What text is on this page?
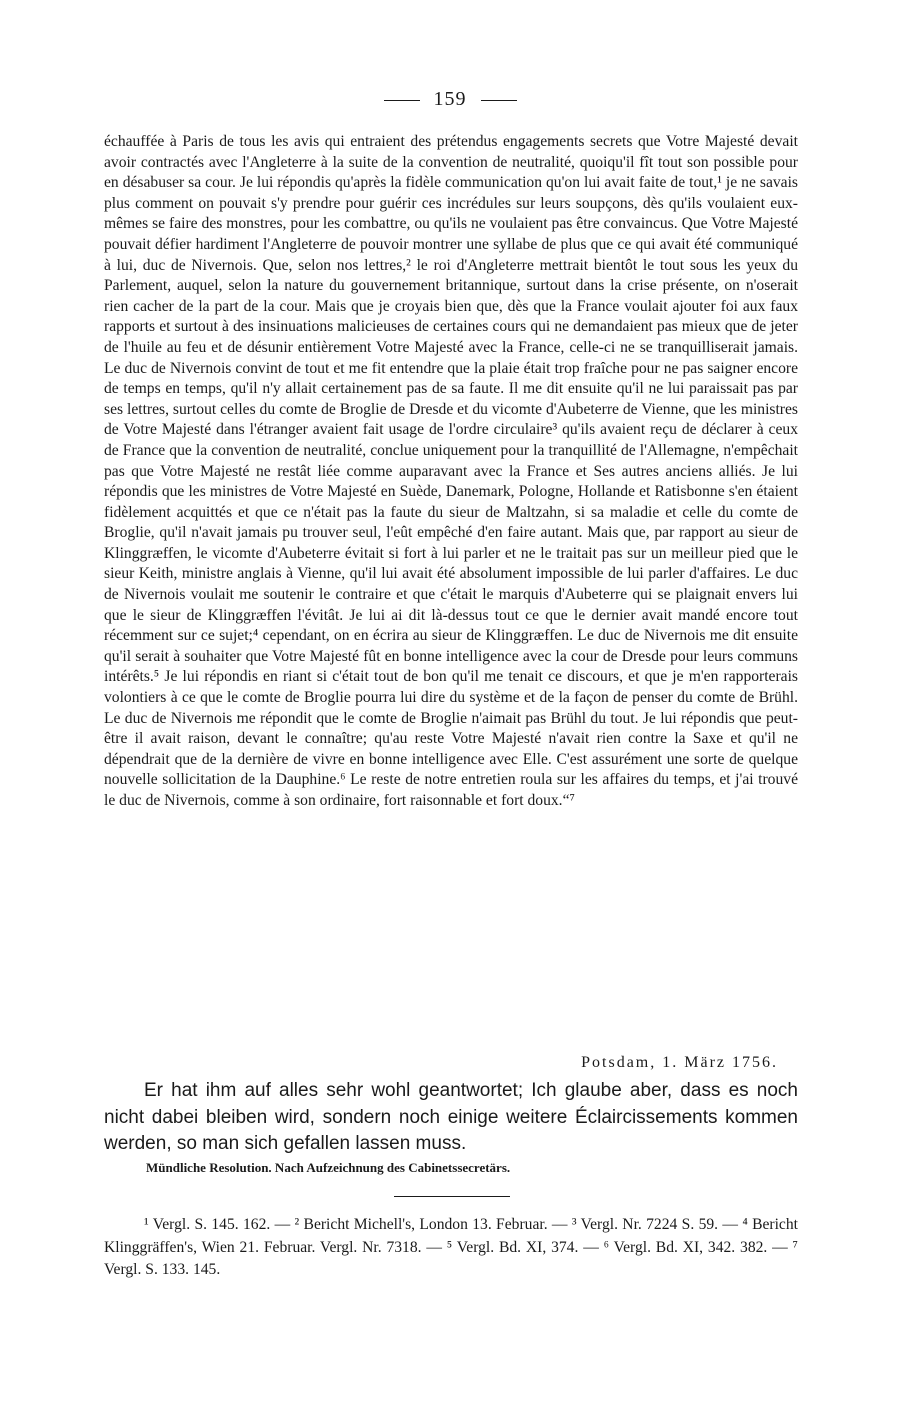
159

échauffée à Paris de tous les avis qui entraient des prétendus engagements secrets que Votre Majesté devait avoir contractés avec l'Angleterre à la suite de la convention de neutralité, quoiqu'il fît tout son possible pour en désabuser sa cour. Je lui répondis qu'après la fidèle communication qu'on lui avait faite de tout,¹ je ne savais plus comment on pouvait s'y prendre pour guérir ces incrédules sur leurs soupçons, dès qu'ils voulaient eux-mêmes se faire des monstres, pour les combattre, ou qu'ils ne voulaient pas être convaincus. Que Votre Majesté pouvait défier hardiment l'Angleterre de pouvoir montrer une syllabe de plus que ce qui avait été communiqué à lui, duc de Nivernois. Que, selon nos lettres,² le roi d'Angleterre mettrait bientôt le tout sous les yeux du Parlement, auquel, selon la nature du gouvernement britannique, surtout dans la crise présente, on n'oserait rien cacher de la part de la cour. Mais que je croyais bien que, dès que la France voulait ajouter foi aux faux rapports et surtout à des insinuations malicieuses de certaines cours qui ne demandaient pas mieux que de jeter de l'huile au feu et de désunir entièrement Votre Majesté avec la France, celle-ci ne se tranquilliserait jamais. Le duc de Nivernois convint de tout et me fit entendre que la plaie était trop fraîche pour ne pas saigner encore de temps en temps, qu'il n'y allait certainement pas de sa faute. Il me dit ensuite qu'il ne lui paraissait pas par ses lettres, surtout celles du comte de Broglie de Dresde et du vicomte d'Aubeterre de Vienne, que les ministres de Votre Majesté dans l'étranger avaient fait usage de l'ordre circulaire³ qu'ils avaient reçu de déclarer à ceux de France que la convention de neutralité, conclue uniquement pour la tranquillité de l'Allemagne, n'empêchait pas que Votre Majesté ne restât liée comme auparavant avec la France et Ses autres anciens alliés. Je lui répondis que les ministres de Votre Majesté en Suède, Danemark, Pologne, Hollande et Ratisbonne s'en étaient fidèlement acquittés et que ce n'était pas la faute du sieur de Maltzahn, si sa maladie et celle du comte de Broglie, qu'il n'avait jamais pu trouver seul, l'eût empêché d'en faire autant. Mais que, par rapport au sieur de Klinggræffen, le vicomte d'Aubeterre évitait si fort à lui parler et ne le traitait pas sur un meilleur pied que le sieur Keith, ministre anglais à Vienne, qu'il lui avait été absolument impossible de lui parler d'affaires. Le duc de Nivernois voulait me soutenir le contraire et que c'était le marquis d'Aubeterre qui se plaignait envers lui que le sieur de Klinggræffen l'évitât. Je lui ai dit là-dessus tout ce que le dernier avait mandé encore tout récemment sur ce sujet;⁴ cependant, on en écrira au sieur de Klinggræffen. Le duc de Nivernois me dit ensuite qu'il serait à souhaiter que Votre Majesté fût en bonne intelligence avec la cour de Dresde pour leurs communs intérêts.⁵ Je lui répondis en riant si c'était tout de bon qu'il me tenait ce discours, et que je m'en rapporterais volontiers à ce que le comte de Broglie pourra lui dire du système et de la façon de penser du comte de Brühl. Le duc de Nivernois me répondit que le comte de Broglie n'aimait pas Brühl du tout. Je lui répondis que peut-être il avait raison, devant le connaître; qu'au reste Votre Majesté n'avait rien contre la Saxe et qu'il ne dépendrait que de la dernière de vivre en bonne intelligence avec Elle. C'est assurément une sorte de quelque nouvelle sollicitation de la Dauphine.⁶ Le reste de notre entretien roula sur les affaires du temps, et j'ai trouvé le duc de Nivernois, comme à son ordinaire, fort raisonnable et fort doux.“⁷

Potsdam, 1. März 1756.
Er hat ihm auf alles sehr wohl geantwortet; Ich glaube aber, dass es noch nicht dabei bleiben wird, sondern noch einige weitere Éclaircissements kommen werden, so man sich gefallen lassen muss.
Mündliche Resolution. Nach Aufzeichnung des Cabinetssecretärs.
¹ Vergl. S. 145. 162. — ² Bericht Michell's, London 13. Februar. — ³ Vergl. Nr. 7224 S. 59. — ⁴ Bericht Klinggräffen's, Wien 21. Februar. Vergl. Nr. 7318. — ⁵ Vergl. Bd. XI, 374. — ⁶ Vergl. Bd. XI, 342. 382. — ⁷ Vergl. S. 133. 145.
